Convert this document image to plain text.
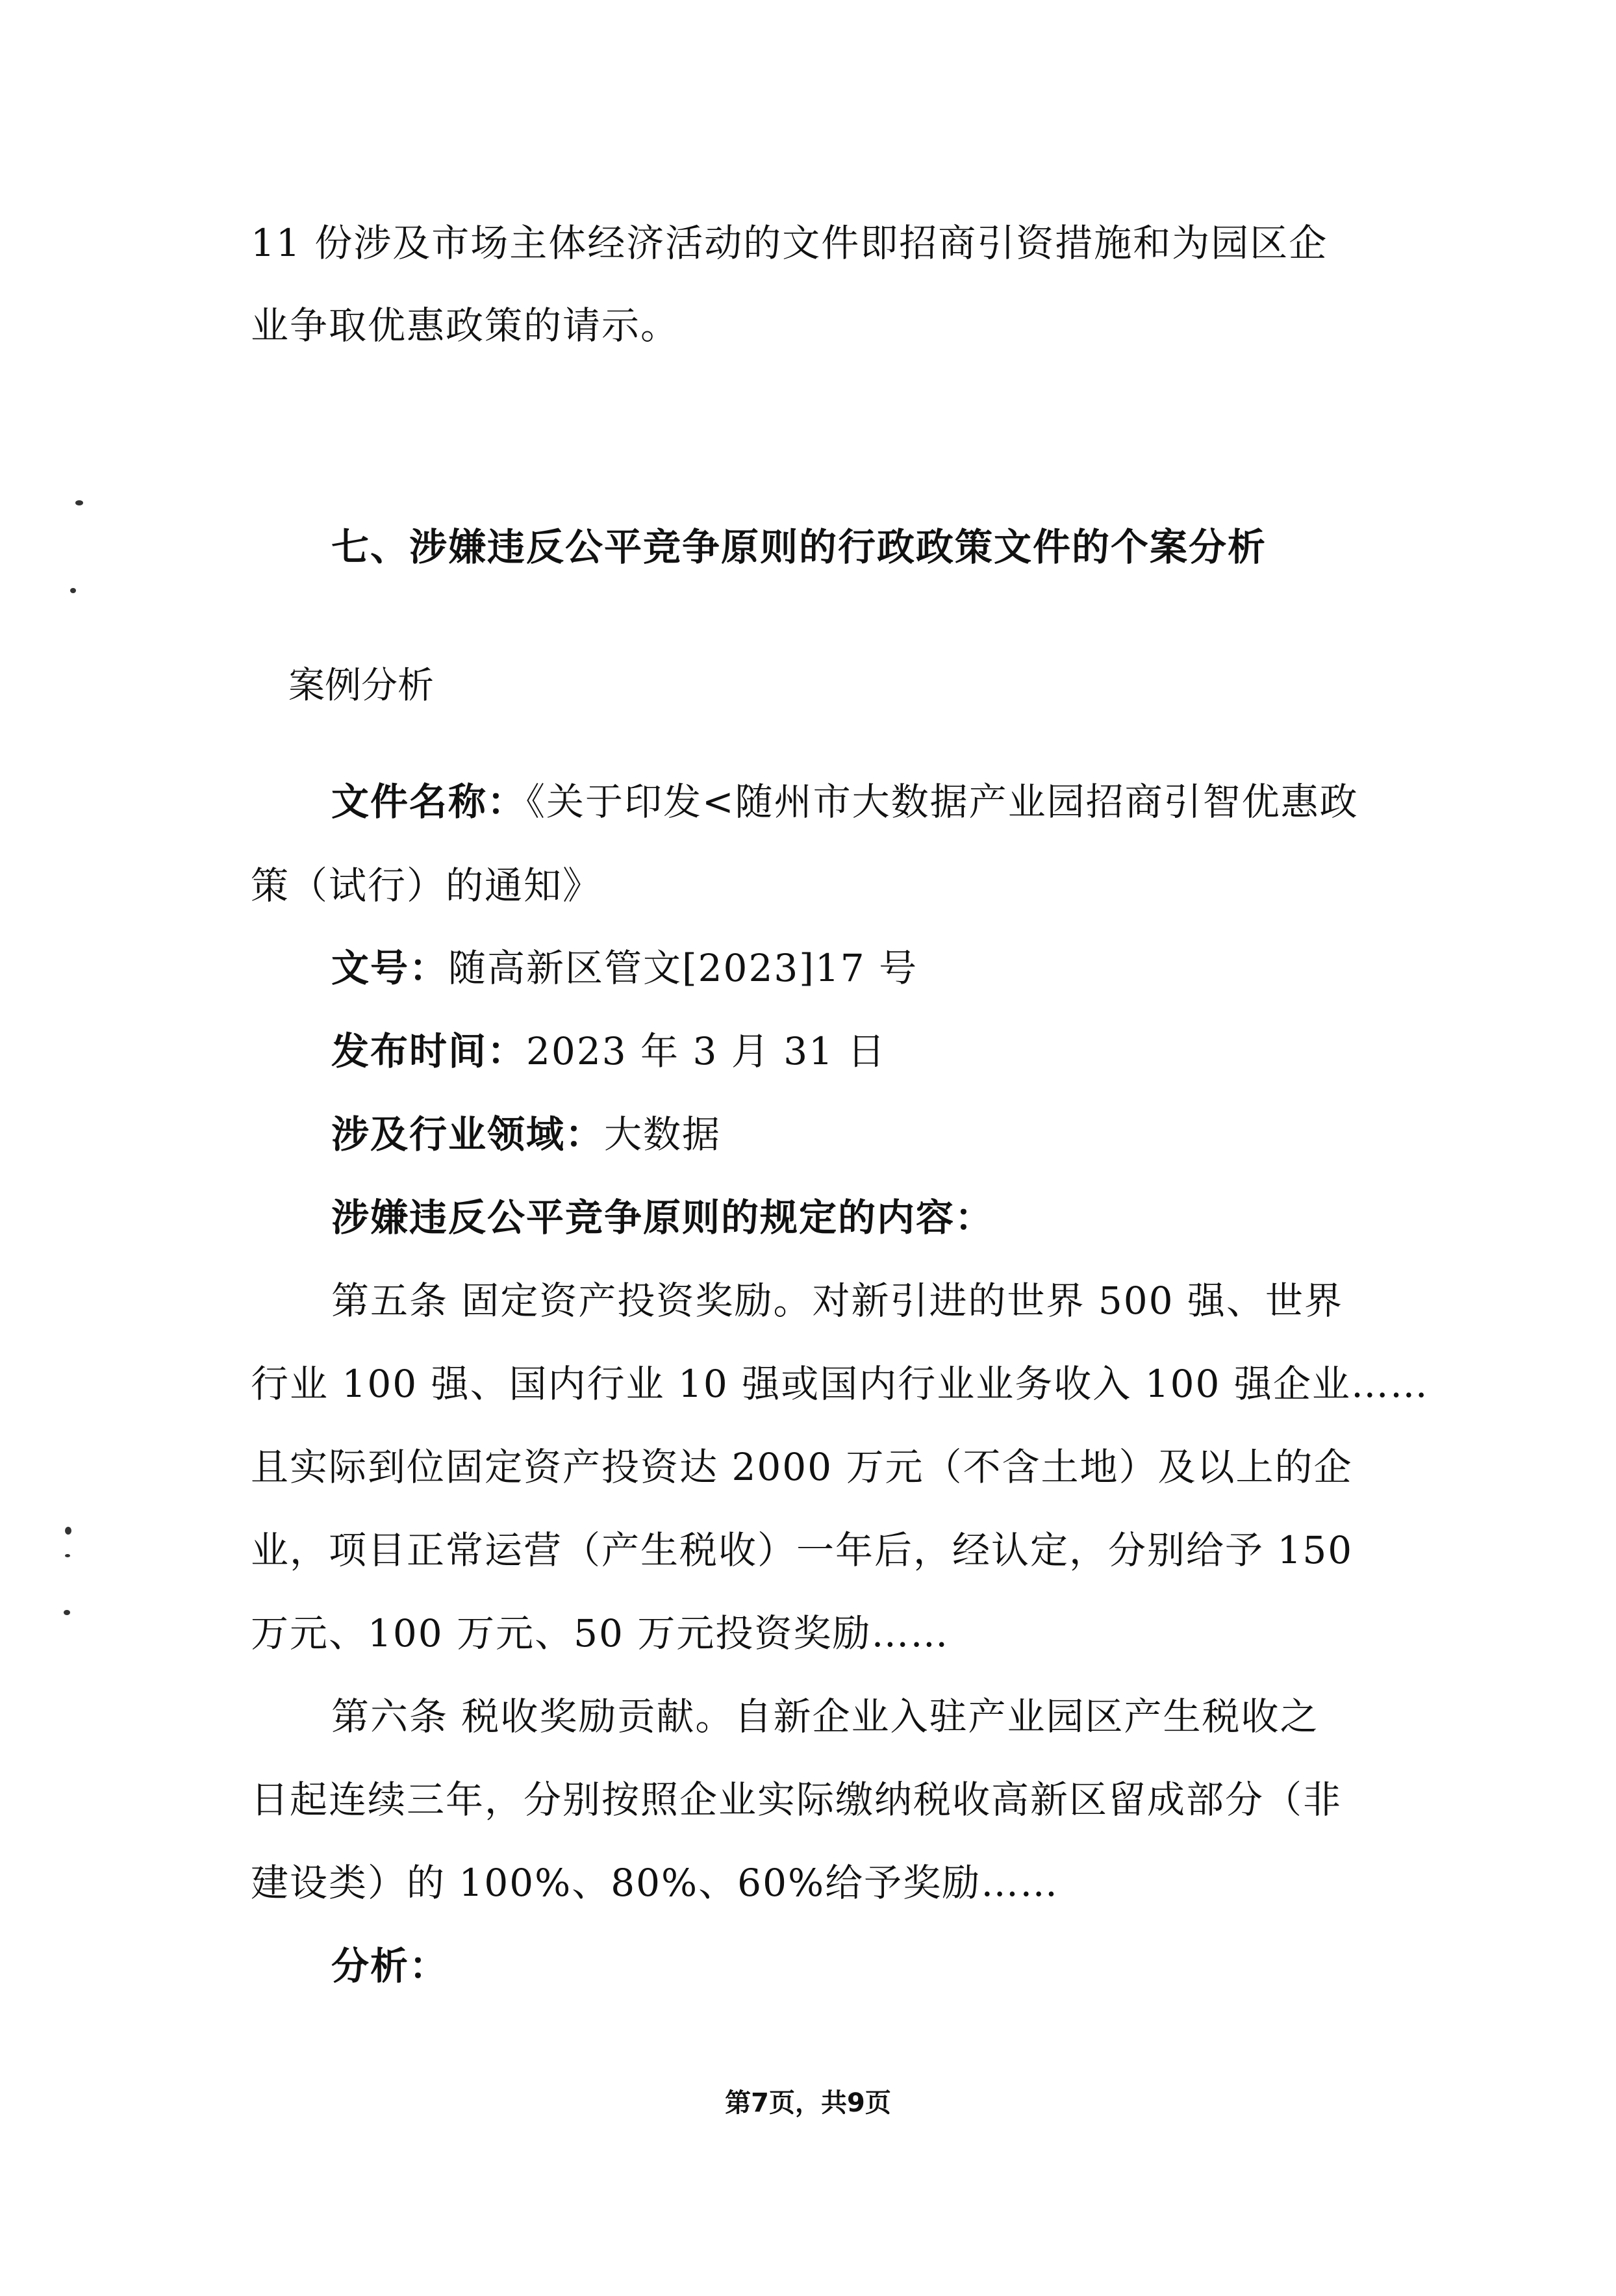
11 份涉及市场主体经济活动的文件即招商引资措施和为园区企
业争取优惠政策的请示。
七、涉嫌违反公平竞争原则的行政政策文件的个案分析
案例分析
文件名称：《关于印发<随州市大数据产业园招商引智优惠政
策（试行）的通知》
文号：随高新区管文[2023]17 号
发布时间：2023 年 3 月 31 日
涉及行业领域：大数据
涉嫌违反公平竞争原则的规定的内容：
第五条 固定资产投资奖励。对新引进的世界 500 强、世界
行业 100 强、国内行业 10 强或国内行业业务收入 100 强企业……
且实际到位固定资产投资达 2000 万元（不含土地）及以上的企
业，项目正常运营（产生税收）一年后，经认定，分别给予 150
万元、100 万元、50 万元投资奖励……
第六条 税收奖励贡献。自新企业入驻产业园区产生税收之
日起连续三年，分别按照企业实际缴纳税收高新区留成部分（非
建设类）的 100%、80%、60%给予奖励……
分析：
第7页，共9页
